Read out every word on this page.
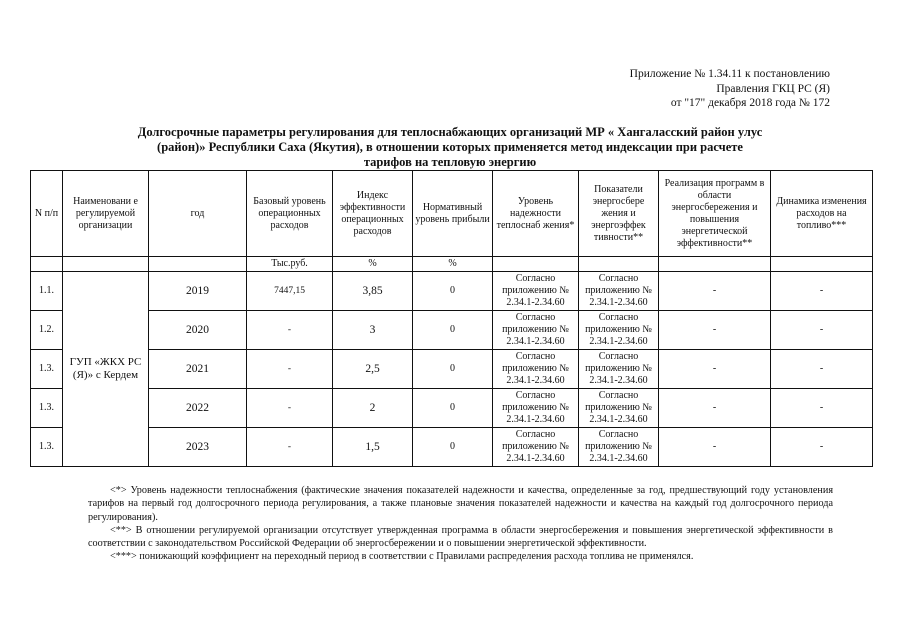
Приложение № 1.34.11 к постановлению
Правления ГКЦ РС (Я)
от "17" декабря 2018 года № 172
Долгосрочные параметры регулирования для теплоснабжающих организаций МР « Хангаласский район улус
(район)» Республики Саха (Якутия), в отношении которых применяется метод индексации при расчете
тарифов на тепловую энергию
N п/п	Наименовани е регулируемой организации	год	Базовый уровень операционных расходов	Индекс эффективности операционных расходов	Нормативный уровень прибыли	Уровень надежности теплоснаб жения*	Показатели энергосбере жения и энергоэффек тивности**	Реализация программ в области энергосбережения и повышения энергетической эффективности**	Динамика изменения расходов на топливо***
			Тыс.руб.	%	%				
1.1.	ГУП «ЖКХ РС (Я)» с Кердем	2019	7447,15	3,85	0	Согласно приложению № 2.34.1-2.34.60	Согласно приложению № 2.34.1-2.34.60	-	-
1.2.		2020	-	3	0	Согласно приложению № 2.34.1-2.34.60	Согласно приложению № 2.34.1-2.34.60	-	-
1.3.		2021	-	2,5	0	Согласно приложению № 2.34.1-2.34.60	Согласно приложению № 2.34.1-2.34.60	-	-
1.3.		2022	-	2	0	Согласно приложению № 2.34.1-2.34.60	Согласно приложению № 2.34.1-2.34.60	-	-
1.3.		2023	-	1,5	0	Согласно приложению № 2.34.1-2.34.60	Согласно приложению № 2.34.1-2.34.60	-	-

<*> Уровень надежности теплоснабжения (фактические значения показателей надежности и качества, определенные за год, предшествующий году установления тарифов на первый год долгосрочного периода регулирования, а также плановые значения показателей надежности и качества на каждый год долгосрочного периода регулирования).

<**> В отношении регулируемой организации отсутствует утвержденная программа в области энергосбережения и повышения энергетической эффективности в соответствии с законодательством Российской Федерации об энергосбережении и о повышении энергетической эффективности.

<***> понижающий коэффициент на переходный период в соответствии с Правилами распределения расхода топлива не применялся.
